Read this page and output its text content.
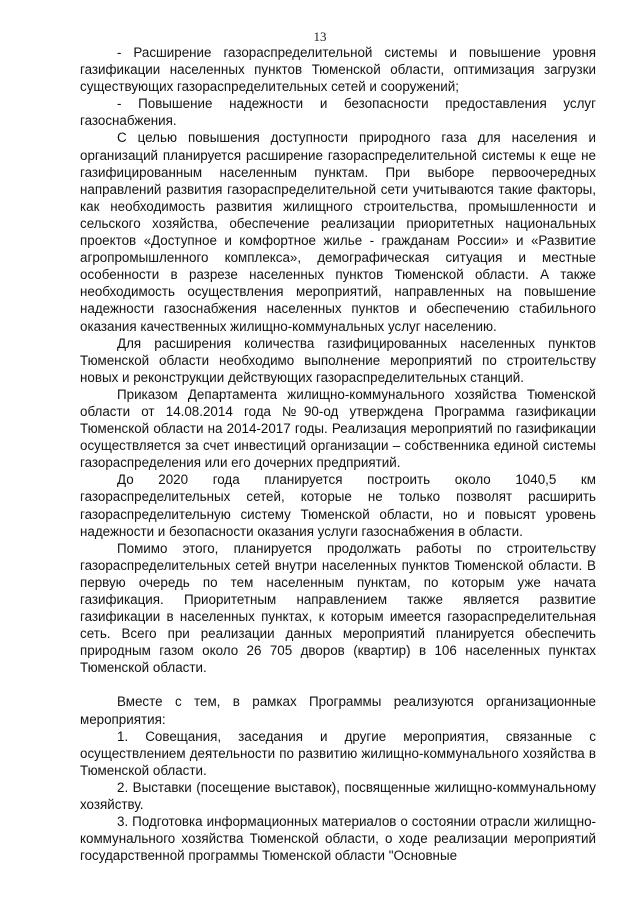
13

- Расширение газораспределительной системы и повышение уровня газификации населенных пунктов Тюменской области, оптимизация загрузки существующих газораспределительных сетей и сооружений;

- Повышение надежности и безопасности предоставления услуг газоснабжения.

С целью повышения доступности природного газа для населения и организаций планируется расширение газораспределительной системы к еще не газифицированным населенным пунктам. При выборе первоочередных направлений развития газораспределительной сети учитываются такие факторы, как необходимость развития жилищного строительства, промышленности и сельского хозяйства, обеспечение реализации приоритетных национальных проектов «Доступное и комфортное жилье - гражданам России» и «Развитие агропромышленного комплекса», демографическая ситуация и местные особенности в разрезе населенных пунктов Тюменской области. А также необходимость осуществления мероприятий, направленных на повышение надежности газоснабжения населенных пунктов и обеспечению стабильного оказания качественных жилищно-коммунальных услуг населению.

Для расширения количества газифицированных населенных пунктов Тюменской области необходимо выполнение мероприятий по строительству новых и реконструкции действующих газораспределительных станций.

Приказом Департамента жилищно-коммунального хозяйства Тюменской области от 14.08.2014 года №90-од утверждена Программа газификации Тюменской области на 2014-2017 годы. Реализация мероприятий по газификации осуществляется за счет инвестиций организации – собственника единой системы газораспределения или его дочерних предприятий.

До 2020 года планируется построить около 1040,5 км газораспределительных сетей, которые не только позволят расширить газораспределительную систему Тюменской области, но и повысят уровень надежности и безопасности оказания услуги газоснабжения в области.

Помимо этого, планируется продолжать работы по строительству газораспределительных сетей внутри населенных пунктов Тюменской области. В первую очередь по тем населенным пунктам, по которым уже начата газификация. Приоритетным направлением также является развитие газификации в населенных пунктах, к которым имеется газораспределительная сеть. Всего при реализации данных мероприятий планируется обеспечить природным газом около 26 705 дворов (квартир) в 106 населенных пунктах Тюменской области.

Вместе с тем, в рамках Программы реализуются организационные мероприятия:

1. Совещания, заседания и другие мероприятия, связанные с осуществлением деятельности по развитию жилищно-коммунального хозяйства в Тюменской области.

2. Выставки (посещение выставок), посвященные жилищно-коммунальному хозяйству.

3. Подготовка информационных материалов о состоянии отрасли жилищно-коммунального хозяйства Тюменской области, о ходе реализации мероприятий государственной программы Тюменской области "Основные
